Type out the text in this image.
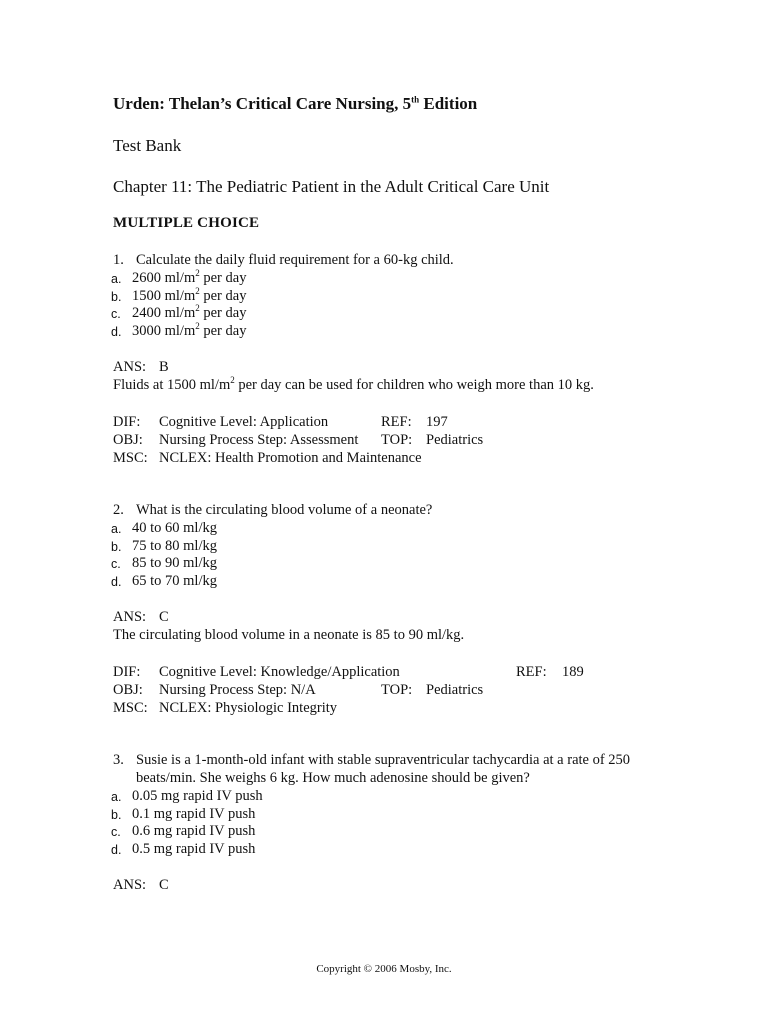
Urden: Thelan’s Critical Care Nursing, 5th Edition
Test Bank
Chapter 11: The Pediatric Patient in the Adult Critical Care Unit
MULTIPLE CHOICE
1. Calculate the daily fluid requirement for a 60-kg child.
a. 2600 $ml/m^2$ per day
b. 1500 $ml/m^2$ per day
c. 2400 $ml/m^2$ per day
d. 3000 $ml/m^2$ per day
ANS: B
Fluids at 1500 $ml/m^2$ per day can be used for children who weigh more than 10 kg.
DIF: Cognitive Level: Application	REF: 197
OBJ: Nursing Process Step: Assessment TOP: Pediatrics
MSC: NCLEX: Health Promotion and Maintenance
2. What is the circulating blood volume of a neonate?
a. 40 to 60 ml/kg
b. 75 to 80 ml/kg
c. 85 to 90 ml/kg
d. 65 to 70 ml/kg
ANS: C
The circulating blood volume in a neonate is 85 to 90 ml/kg.
DIF: Cognitive Level: Knowledge/Application	REF: 189
OBJ: Nursing Process Step: N/A	TOP: Pediatrics
MSC: NCLEX: Physiologic Integrity
3. Susie is a 1-month-old infant with stable supraventricular tachycardia at a rate of 250
beats/min. She weighs 6 kg. How much adenosine should be given?
a. 0.05 mg rapid IV push
b. 0.1 mg rapid IV push
c. 0.6 mg rapid IV push
d. 0.5 mg rapid IV push
ANS: C
Copyright © 2006 Mosby, Inc.
